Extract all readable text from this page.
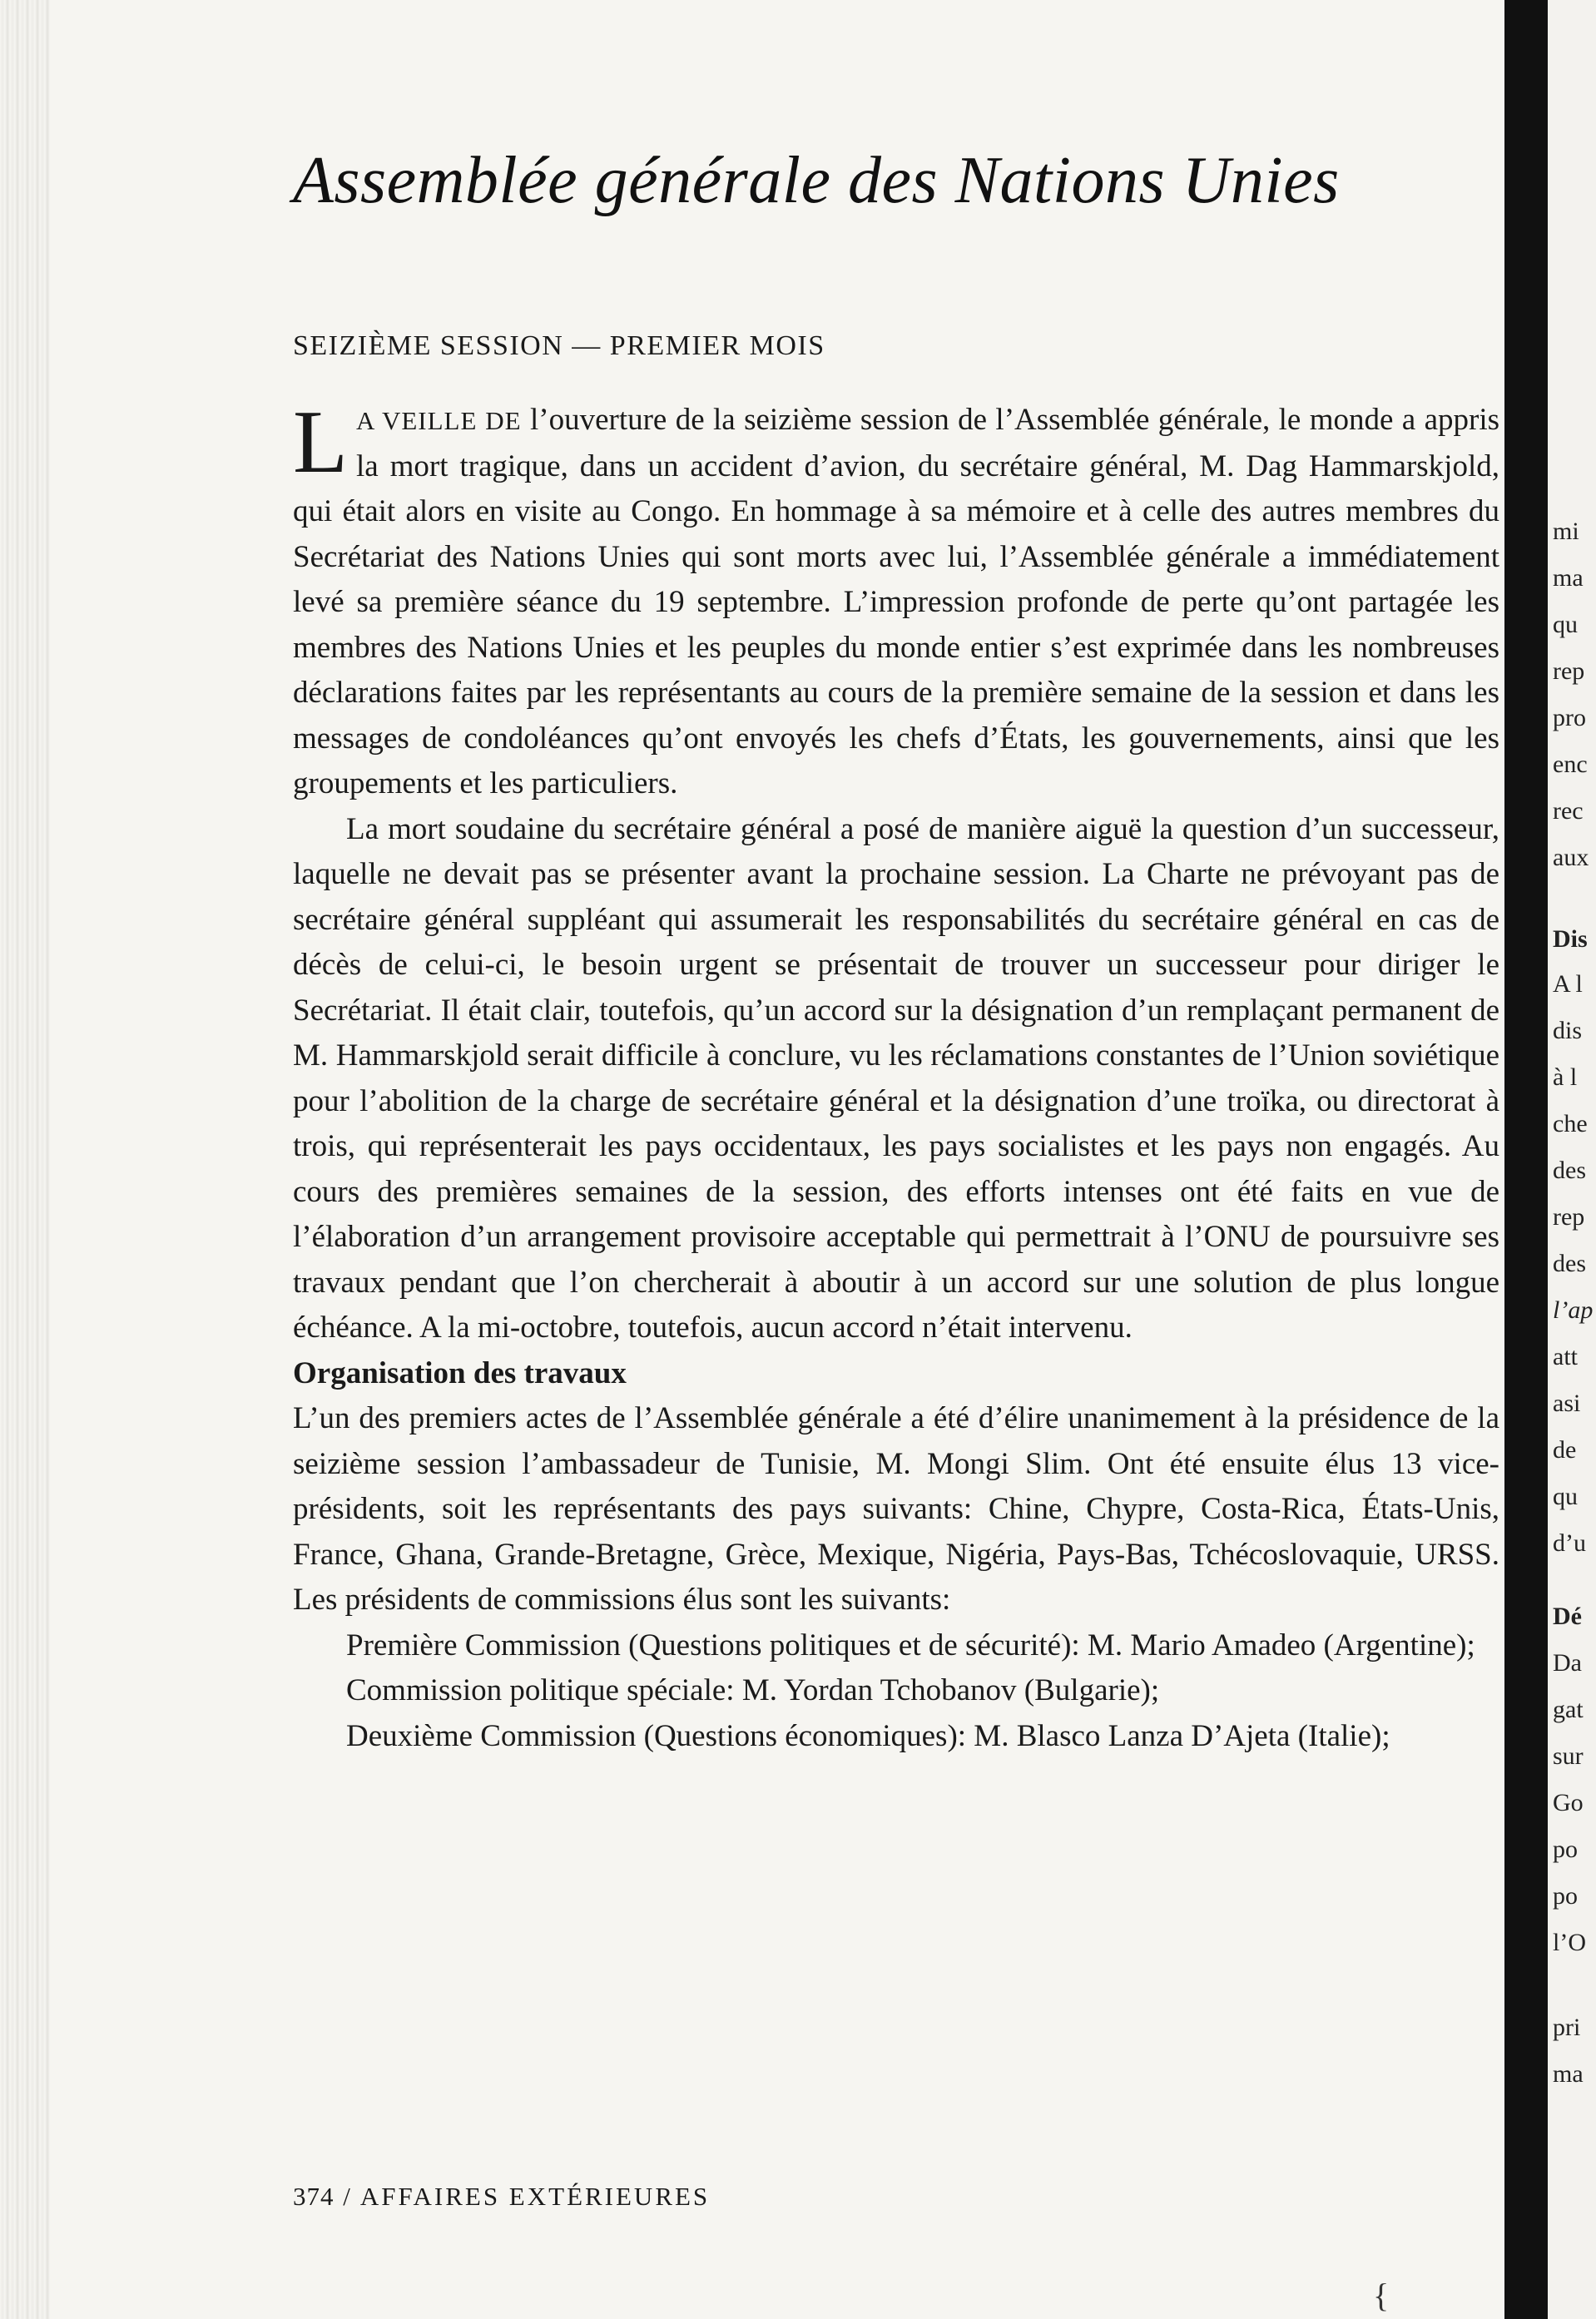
Assemblée générale des Nations Unies
SEIZIÈME SESSION — PREMIER MOIS

L A VEILLE DE l’ouverture de la seizième session de l’Assemblée générale, le monde a appris la mort tragique, dans un accident d’avion, du secrétaire général, M. Dag Hammarskjold, qui était alors en visite au Congo. En hommage à sa mémoire et à celle des autres membres du Secrétariat des Nations Unies qui sont morts avec lui, l’Assemblée générale a immédiatement levé sa première séance du 19 septembre. L’impression profonde de perte qu’ont partagée les membres des Nations Unies et les peuples du monde entier s’est exprimée dans les nombreuses déclarations faites par les représentants au cours de la première semaine de la session et dans les messages de condoléances qu’ont envoyés les chefs d’États, les gouvernements, ainsi que les groupements et les particuliers.

La mort soudaine du secrétaire général a posé de manière aiguë la question d’un successeur, laquelle ne devait pas se présenter avant la prochaine session. La Charte ne prévoyant pas de secrétaire général suppléant qui assumerait les responsabilités du secrétaire général en cas de décès de celui-ci, le besoin urgent se présentait de trouver un successeur pour diriger le Secrétariat. Il était clair, toutefois, qu’un accord sur la désignation d’un remplaçant permanent de M. Hammarskjold serait difficile à conclure, vu les réclamations constantes de l’Union soviétique pour l’abolition de la charge de secrétaire général et la désignation d’une troïka, ou directorat à trois, qui représenterait les pays occidentaux, les pays socialistes et les pays non engagés. Au cours des premières semaines de la session, des efforts intenses ont été faits en vue de l’élaboration d’un arrangement provisoire acceptable qui permettrait à l’ONU de poursuivre ses travaux pendant que l’on chercherait à aboutir à un accord sur une solution de plus longue échéance. A la mi-octobre, toutefois, aucun accord n’était intervenu.

Organisation des travaux

L’un des premiers actes de l’Assemblée générale a été d’élire unanimement à la présidence de la seizième session l’ambassadeur de Tunisie, M. Mongi Slim. Ont été ensuite élus 13 vice-présidents, soit les représentants des pays suivants: Chine, Chypre, Costa-Rica, États-Unis, France, Ghana, Grande-Bretagne, Grèce, Mexique, Nigéria, Pays-Bas, Tchécoslovaquie, URSS. Les présidents de commissions élus sont les suivants:

Première Commission (Questions politiques et de sécurité): M. Mario Amadeo (Argentine);
Commission politique spéciale: M. Yordan Tchobanov (Bulgarie);
Deuxième Commission (Questions économiques): M. Blasco Lanza D’Ajeta (Italie);
374 / AFFAIRES EXTÉRIEURES
{
mi
ma
qu
rep
pro
enc
rec
aux
Dis
A l
dis
à l
che
des
rep
des
l’ap
att
asi
de
qu
d’u
Dé
Da
gat
sur
Go
po
po
l’O
pri
ma
